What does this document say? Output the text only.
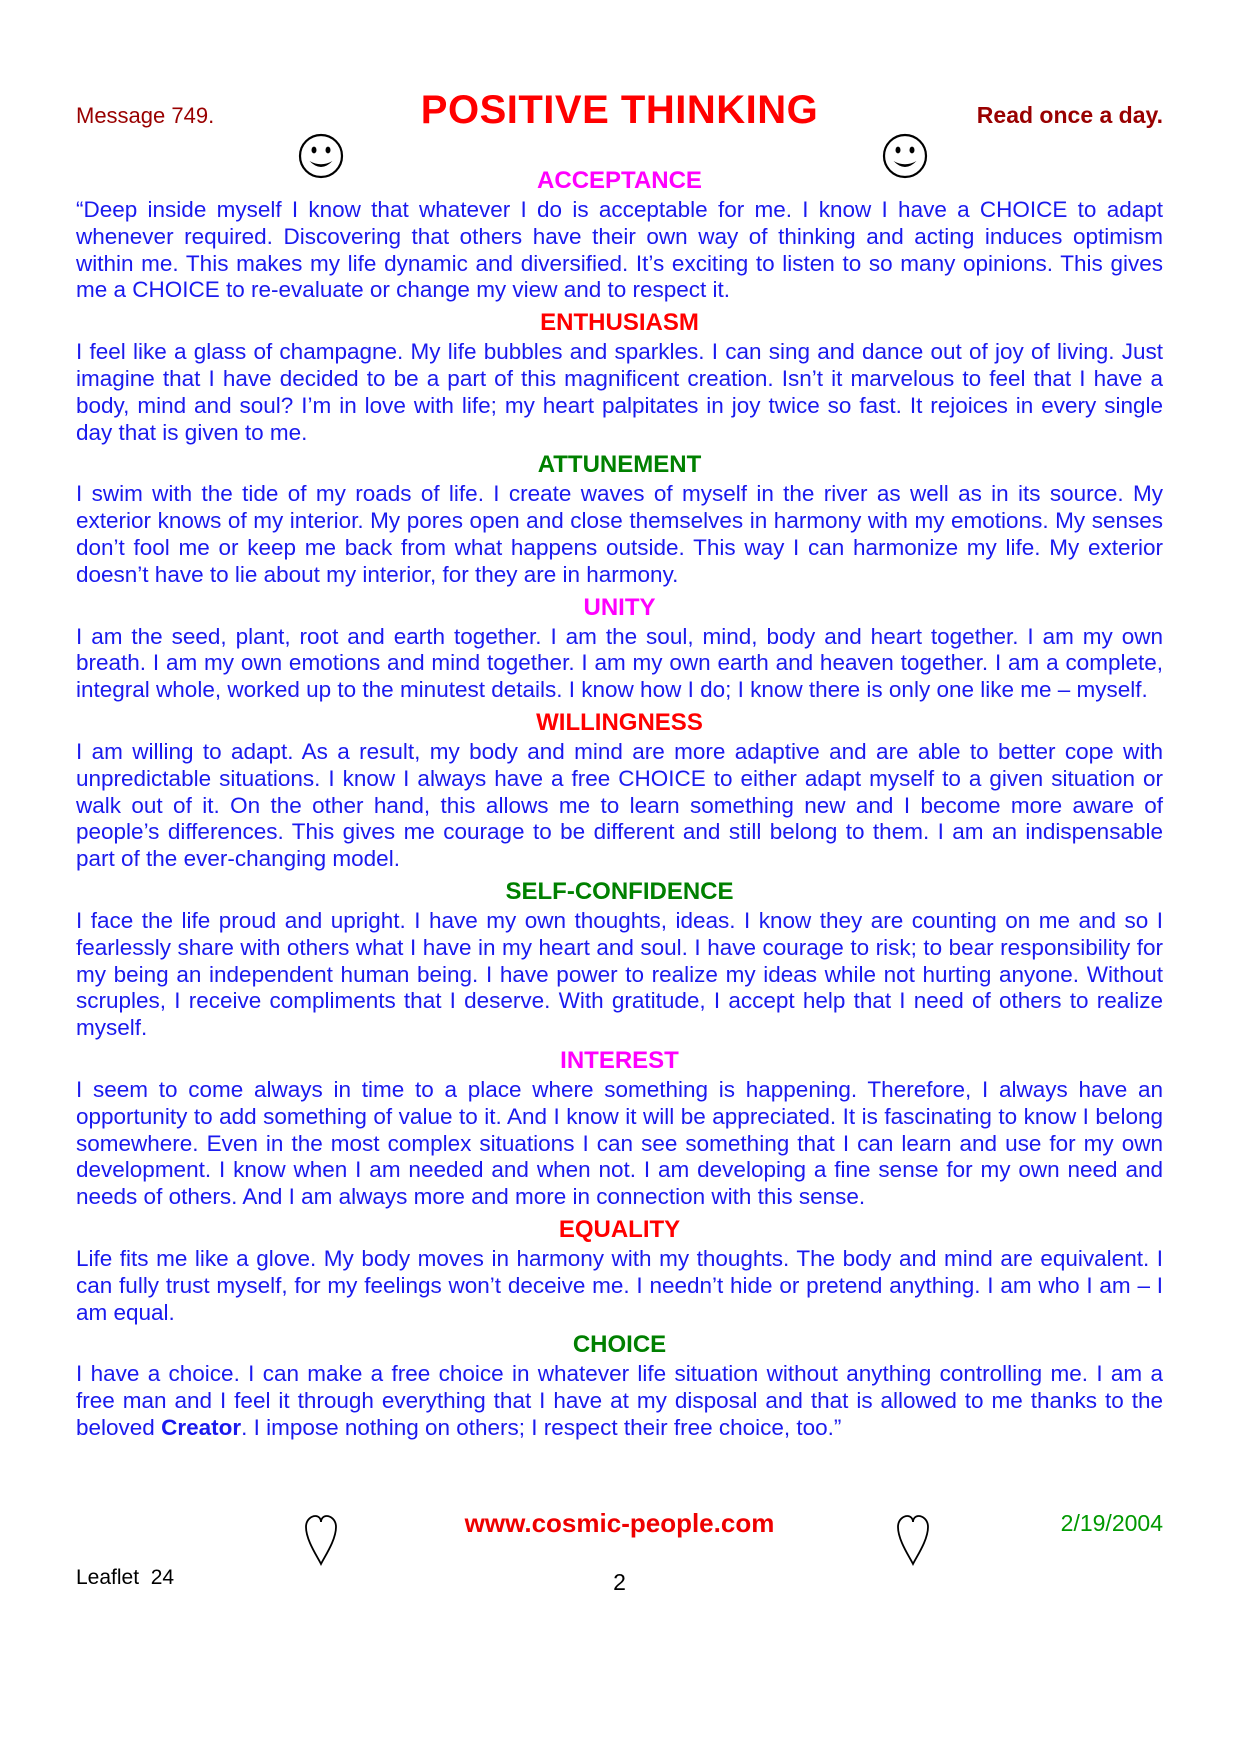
Message 749.	POSITIVE THINKING	Read once a day.
ACCEPTANCE

“Deep inside myself I know that whatever I do is acceptable for me. I know I have a CHOICE to adapt whenever required. Discovering that others have their own way of thinking and acting induces optimism within me. This makes my life dynamic and diversified. It’s exciting to listen to so many opinions. This gives me a CHOICE to re-evaluate or change my view and to respect it.

ENTHUSIASM

I feel like a glass of champagne. My life bubbles and sparkles. I can sing and dance out of joy of living. Just imagine that I have decided to be a part of this magnificent creation. Isn’t it marvelous to feel that I have a body, mind and soul? I’m in love with life; my heart palpitates in joy twice so fast. It rejoices in every single day that is given to me.

ATTUNEMENT

I swim with the tide of my roads of life. I create waves of myself in the river as well as in its source. My exterior knows of my interior. My pores open and close themselves in harmony with my emotions. My senses don’t fool me or keep me back from what happens outside. This way I can harmonize my life. My exterior doesn’t have to lie about my interior, for they are in harmony.

UNITY

I am the seed, plant, root and earth together. I am the soul, mind, body and heart together. I am my own breath. I am my own emotions and mind together. I am my own earth and heaven together. I am a complete, integral whole, worked up to the minutest details. I know how I do; I know there is only one like me – myself.

WILLINGNESS

I am willing to adapt. As a result, my body and mind are more adaptive and are able to better cope with unpredictable situations. I know I always have a free CHOICE to either adapt myself to a given situation or walk out of it. On the other hand, this allows me to learn something new and I become more aware of people’s differences. This gives me courage to be different and still belong to them. I am an indispensable part of the ever-changing model.

SELF-CONFIDENCE

I face the life proud and upright. I have my own thoughts, ideas. I know they are counting on me and so I fearlessly share with others what I have in my heart and soul. I have courage to risk; to bear responsibility for my being an independent human being. I have power to realize my ideas while not hurting anyone. Without scruples, I receive compliments that I deserve. With gratitude, I accept help that I need of others to realize myself.

INTEREST

I seem to come always in time to a place where something is happening. Therefore, I always have an opportunity to add something of value to it. And I know it will be appreciated. It is fascinating to know I belong somewhere. Even in the most complex situations I can see something that I can learn and use for my own development. I know when I am needed and when not. I am developing a fine sense for my own need and needs of others. And I am always more and more in connection with this sense.

EQUALITY

Life fits me like a glove. My body moves in harmony with my thoughts. The body and mind are equivalent. I can fully trust myself, for my feelings won’t deceive me. I needn’t hide or pretend anything. I am who I am – I am equal.

CHOICE

I have a choice. I can make a free choice in whatever life situation without anything controlling me. I am a free man and I feel it through everything that I have at my disposal and that is allowed to me thanks to the beloved Creator. I impose nothing on others; I respect their free choice, too.”

www.cosmic-people.com	2/19/2004
Leaflet  24	2
